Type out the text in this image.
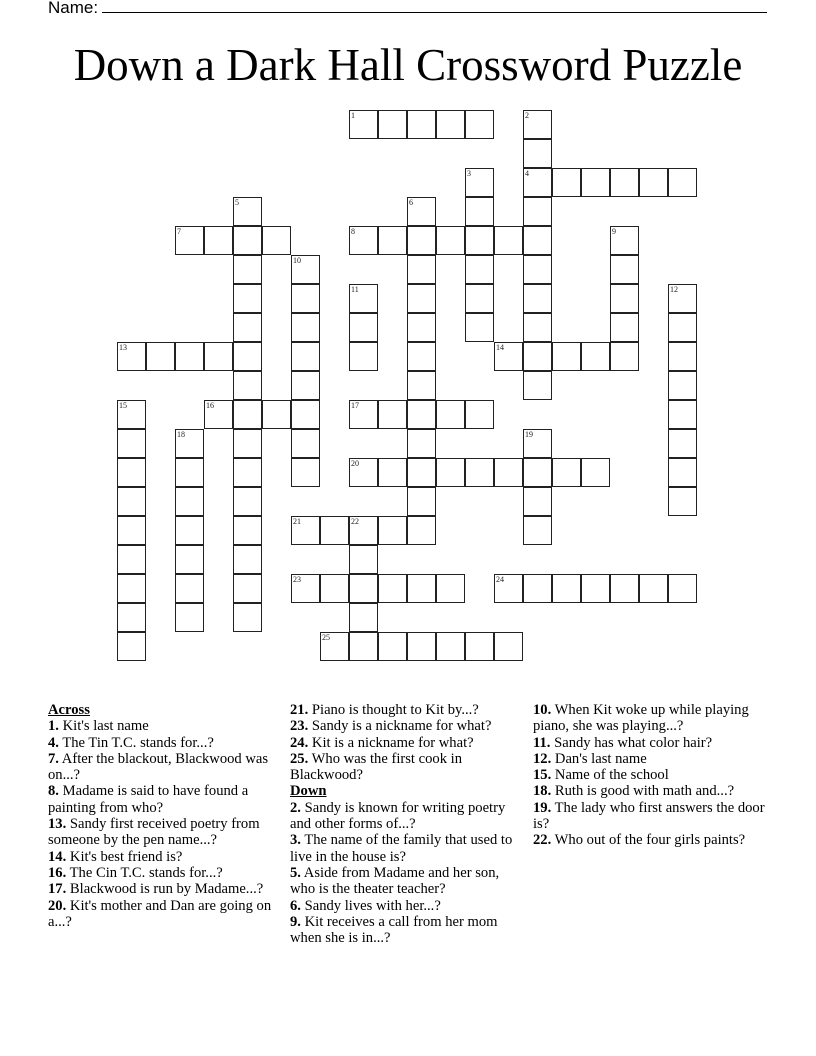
Name:
Down a Dark Hall Crossword Puzzle
1	2
4
3
5	6
7	8	9
10
11	12
13	14
15	16	17
18	19
20
21	22
23	24
25
Across
1. Kit's last name
4. The Tin T.C. stands for...?
7. After the blackout, Blackwood was on...?
8. Madame is said to have found a painting from who?
13. Sandy first received poetry from someone by the pen name...?
14. Kit's best friend is?
16. The Cin T.C. stands for...?
17. Blackwood is run by Madame...?
20. Kit's mother and Dan are going on a...?
21. Piano is thought to Kit by...?
23. Sandy is a nickname for what?
24. Kit is a nickname for what?
25. Who was the first cook in Blackwood?
Down
2. Sandy is known for writing poetry and other forms of...?
3. The name of the family that used to live in the house is?
5. Aside from Madame and her son, who is the theater teacher?
6. Sandy lives with her...?
9. Kit receives a call from her mom when she is in...?
10. When Kit woke up while playing piano, she was playing...?
11. Sandy has what color hair?
12. Dan's last name
15. Name of the school
18. Ruth is good with math and...?
19. The lady who first answers the door is?
22. Who out of the four girls paints?
